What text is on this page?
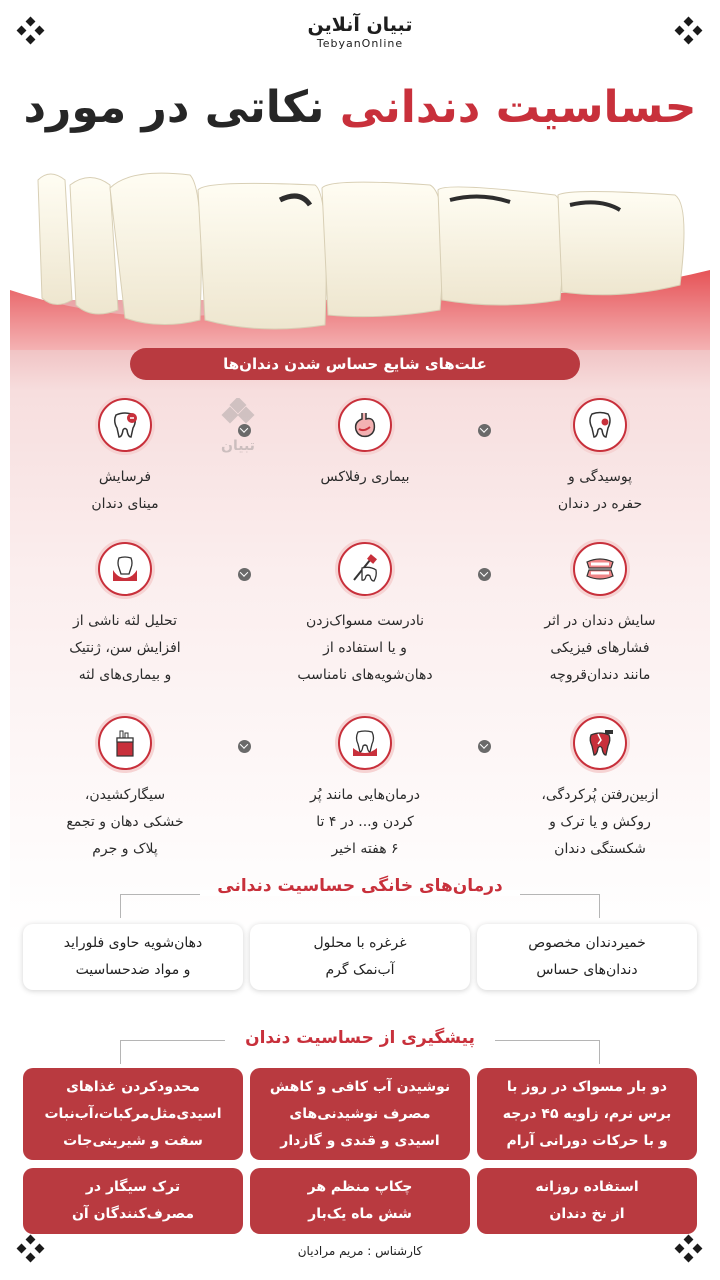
تبیان آنلاین
TebyanOnline
حساسیت دندانی نکاتی در مورد
علت‌های شایع حساس شدن دندان‌ها
تبیان
پوسیدگی و
حفره در دندان
بیماری رفلاکس
فرسایش
مینای دندان
سایش دندان در اثر
فشارهای فیزیکی
مانند دندان‌قروچه
نادرست مسواک‌زدن
و یا استفاده از
دهان‌شویه‌های نامناسب
تحلیل لثه ناشی از
افزایش سن، ژنتیک
و بیماری‌های لثه
ازبین‌رفتن پُرکردگی،
روکش و یا ترک و
شکستگی دندان
درمان‌هایی مانند پُر
کردن و... در ۴ تا
۶ هفته اخیر
سیگارکشیدن،
خشکی دهان و تجمع
پلاک و جرم
درمان‌های خانگی حساسیت دندانی
خمیردندان مخصوص
دندان‌های حساس
غرغره با محلول
آب‌نمک گرم
دهان‌شویه حاوی فلوراید
و مواد ضدحساسیت
پیشگیری از حساسیت دندان
دو بار مسواک در روز با
برس نرم، زاویه ۴۵ درجه
و با حرکات دورانی آرام
نوشیدن آب کافی و کاهش
مصرف نوشیدنی‌های
اسیدی و قندی و گازدار
محدودکردن غذاهای
اسیدی‌مثل‌مرکبات،آب‌نبات
سفت و شیرینی‌جات
استفاده روزانه
از نخ دندان
چکاپ منظم هر
شش ماه یک‌بار
ترک سیگار در
مصرف‌کنندگان آن
کارشناس : مریم مرادیان
